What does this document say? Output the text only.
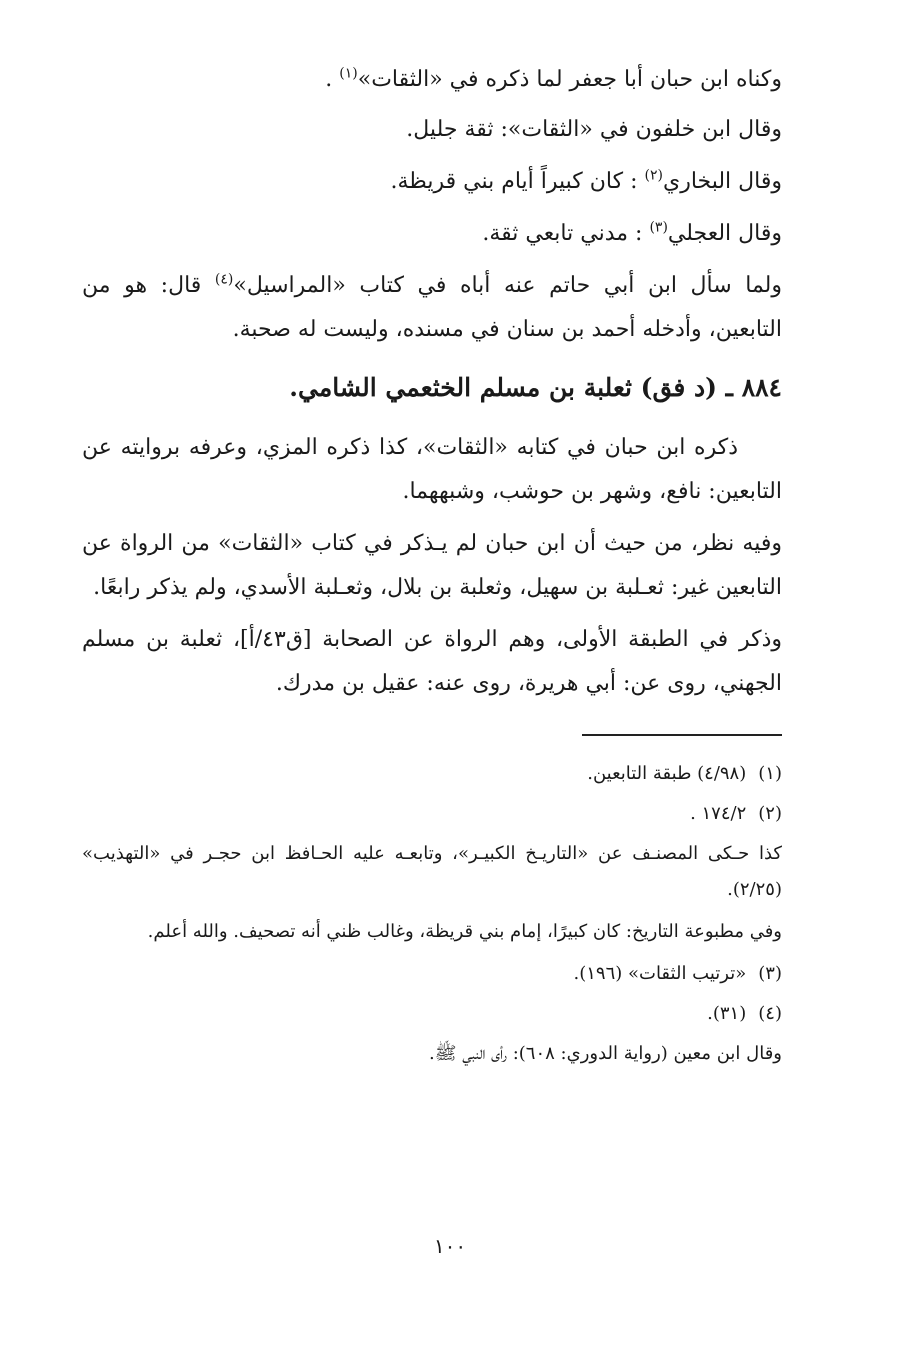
وكناه ابن حبان أبا جعفر لما ذكره في «الثقات»$^{(١)}$ .

وقال ابن خلفون في «الثقات»: ثقة جليل.

وقال البخاري$^{(٢)}$ : كان كبيراً أيام بني قريظة.

وقال العجلي$^{(٣)}$ : مدني تابعي ثقة.

ولما سأل ابن أبي حاتم عنه أباه في كتاب «المراسيل»$^{(٤)}$ قال: هو من التابعين، وأدخله أحمد بن سنان في مسنده، وليست له صحبة.

٨٨٤ ـ (د فق) ثعلبة بن مسلم الخثعمي الشامي.

ذكره ابن حبان في كتابه «الثقات»، كذا ذكره المزي، وعرفه بروايته عن التابعين: نافع، وشهر بن حوشب، وشبههما.

وفيه نظر، من حيث أن ابن حبان لم يـذكر في كتاب «الثقات» من الرواة عن التابعين غير: ثعـلبة بن سهيل، وثعلبة بن بلال، وثعـلبة الأسدي، ولم يذكر رابعًا.

وذكر في الطبقة الأولى، وهم الرواة عن الصحابة [ق٤٣/أ]، ثعلبة بن مسلم الجهني، روى عن: أبي هريرة، روى عنه: عقيل بن مدرك.

(١)(٤/٩٨) طبقة التابعين.

(٢)١٧٤/٢ .

كذا حـكى المصنـف عن «التاريـخ الكبيـر»، وتابعـه عليه الحـافظ ابن حجـر في «التهذيب» (٢/٢٥).

وفي مطبوعة التاريخ: كان كبيرًا، إمام بني قريظة، وغالب ظني أنه تصحيف. والله أعلم.

(٣)«ترتيب الثقات» (١٩٦).

(٤)(٣١).

وقال ابن معين (رواية الدوري: ٦٠٨): رأى النبي ﷺ.

١٠٠
